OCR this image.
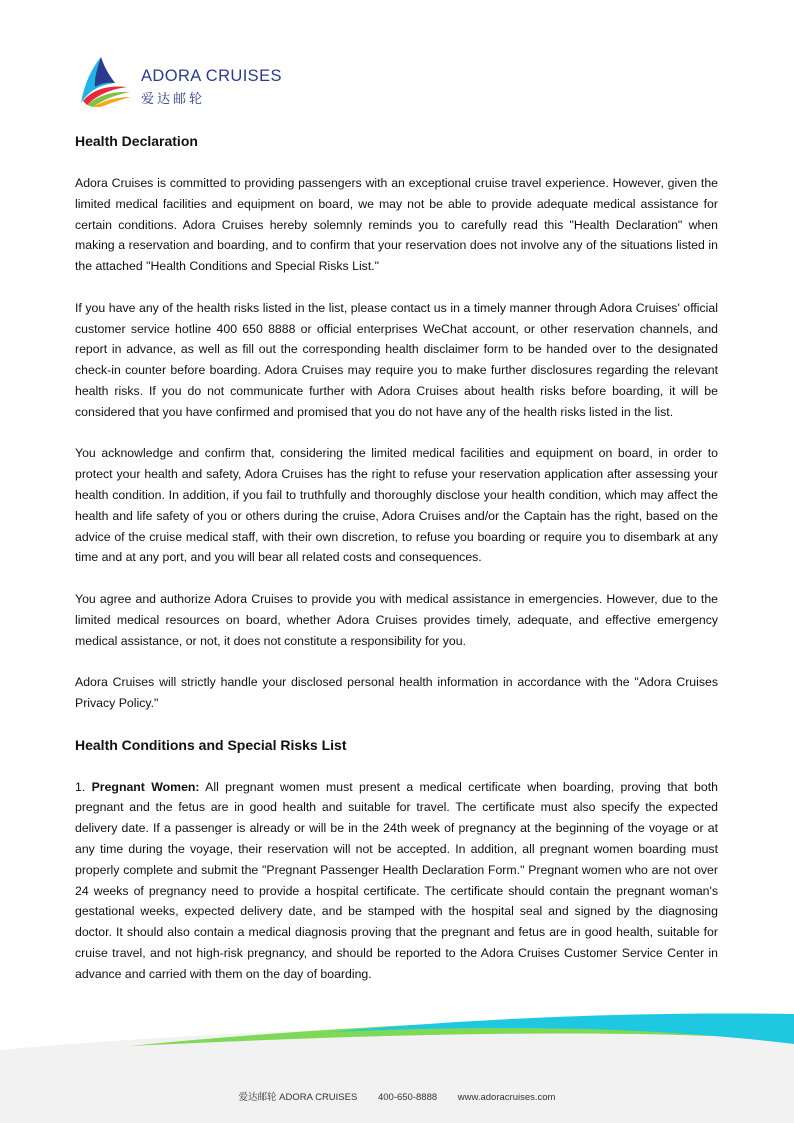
ADORA CRUISES
爱达邮轮
Health Declaration

Adora Cruises is committed to providing passengers with an exceptional cruise travel experience. However, given the limited medical facilities and equipment on board, we may not be able to provide adequate medical assistance for certain conditions. Adora Cruises hereby solemnly reminds you to carefully read this "Health Declaration" when making a reservation and boarding, and to confirm that your reservation does not involve any of the situations listed in the attached "Health Conditions and Special Risks List."

If you have any of the health risks listed in the list, please contact us in a timely manner through Adora Cruises' official customer service hotline 400 650 8888 or official enterprises WeChat account, or other reservation channels, and report in advance, as well as fill out the corresponding health disclaimer form to be handed over to the designated check-in counter before boarding. Adora Cruises may require you to make further disclosures regarding the relevant health risks. If you do not communicate further with Adora Cruises about health risks before boarding, it will be considered that you have confirmed and promised that you do not have any of the health risks listed in the list.

You acknowledge and confirm that, considering the limited medical facilities and equipment on board, in order to protect your health and safety, Adora Cruises has the right to refuse your reservation application after assessing your health condition. In addition, if you fail to truthfully and thoroughly disclose your health condition, which may affect the health and life safety of you or others during the cruise, Adora Cruises and/or the Captain has the right, based on the advice of the cruise medical staff, with their own discretion, to refuse you boarding or require you to disembark at any time and at any port, and you will bear all related costs and consequences.

You agree and authorize Adora Cruises to provide you with medical assistance in emergencies. However, due to the limited medical resources on board, whether Adora Cruises provides timely, adequate, and effective emergency medical assistance, or not, it does not constitute a responsibility for you.

Adora Cruises will strictly handle your disclosed personal health information in accordance with the "Adora Cruises Privacy Policy."

Health Conditions and Special Risks List

1. Pregnant Women: All pregnant women must present a medical certificate when boarding, proving that both pregnant and the fetus are in good health and suitable for travel. The certificate must also specify the expected delivery date. If a passenger is already or will be in the 24th week of pregnancy at the beginning of the voyage or at any time during the voyage, their reservation will not be accepted. In addition, all pregnant women boarding must properly complete and submit the "Pregnant Passenger Health Declaration Form." Pregnant women who are not over 24 weeks of pregnancy need to provide a hospital certificate. The certificate should contain the pregnant woman's gestational weeks, expected delivery date, and be stamped with the hospital seal and signed by the diagnosing doctor. It should also contain a medical diagnosis proving that the pregnant and fetus are in good health, suitable for cruise travel, and not high-risk pregnancy, and should be reported to the Adora Cruises Customer Service Center in advance and carried with them on the day of boarding.

爱达邮轮 ADORA CRUISES 400-650-8888 www.adoracruises.com
